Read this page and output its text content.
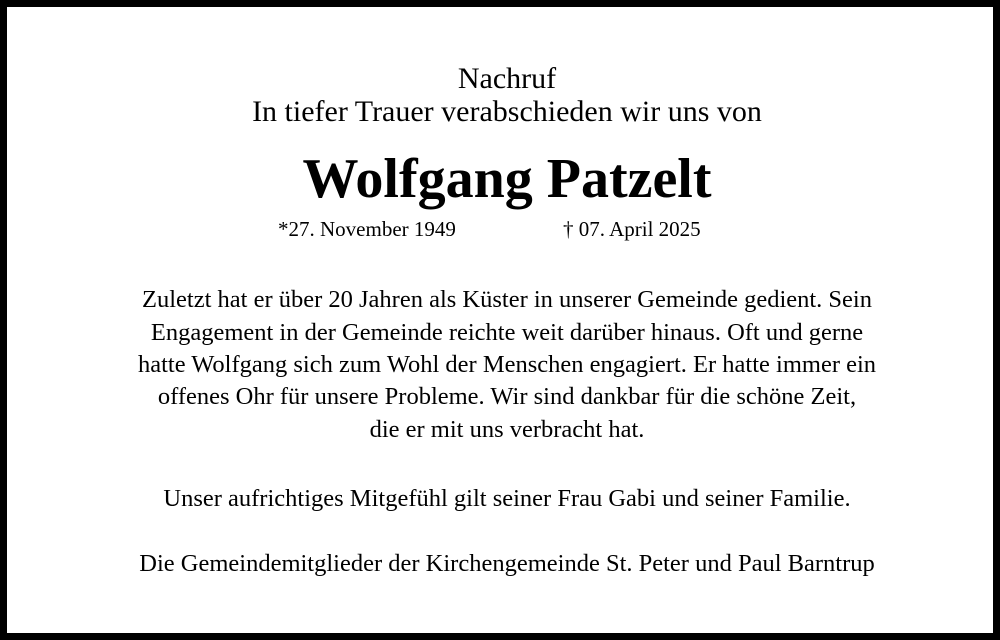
Nachruf
In tiefer Trauer verabschieden wir uns von
Wolfgang Patzelt
*27. November 1949	† 07. April 2025
Zuletzt hat er über 20 Jahren als Küster in unserer Gemeinde gedient. Sein
Engagement in der Gemeinde reichte weit darüber hinaus. Oft und gerne
hatte Wolfgang sich zum Wohl der Menschen engagiert. Er hatte immer ein
offenes Ohr für unsere Probleme. Wir sind dankbar für die schöne Zeit,
die er mit uns verbracht hat.
Unser aufrichtiges Mitgefühl gilt seiner Frau Gabi und seiner Familie.
Die Gemeindemitglieder der Kirchengemeinde St. Peter und Paul Barntrup
